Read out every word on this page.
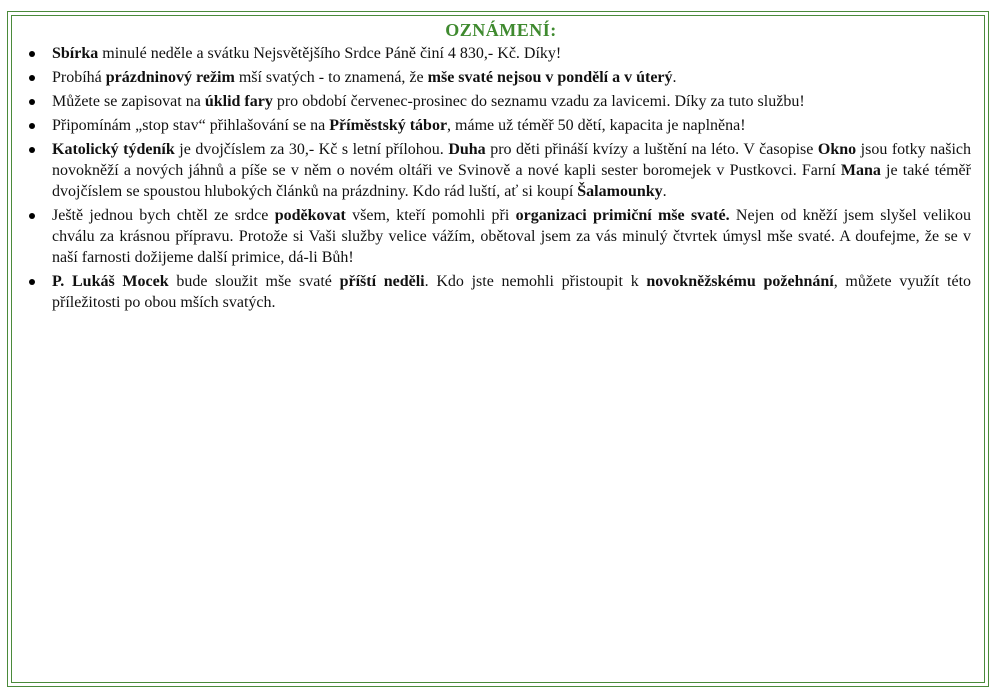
OZNÁMENÍ:
Sbírka minulé neděle a svátku Nejsvětějšího Srdce Páně činí 4 830,- Kč. Díky!
Probíhá prázdninový režim mší svatých - to znamená, že mše svaté nejsou v pondělí a v úterý.
Můžete se zapisovat na úklid fary pro období červenec-prosinec do seznamu vzadu za lavicemi. Díky za tuto službu!
Připomínám „stop stav“ přihlašování se na Příměstský tábor, máme už téměř 50 dětí, kapacita je naplněna!
Katolický týdeník je dvojčíslem za 30,- Kč s letní přílohou. Duha pro děti přináší kvízy a luštění na léto. V časopise Okno jsou fotky našich novokněží a nových jáhnů a píše se v něm o novém oltáři ve Svinově a nové kapli sester boromejek v Pustkovci. Farní Mana je také téměř dvojčíslem se spoustou hlubokých článků na prázdniny. Kdo rád luští, ať si koupí Šalamounky.
Ještě jednou bych chtěl ze srdce poděkovat všem, kteří pomohli při organizaci primiční mše svaté. Nejen od kněží jsem slyšel velikou chválu za krásnou přípravu. Protože si Vaši služby velice vážím, obětoval jsem za vás minulý čtvrtek úmysl mše svaté. A doufejme, že se v naší farnosti dožijeme další primice, dá-li Bůh!
P. Lukáš Mocek bude sloužit mše svaté příští neděli. Kdo jste nemohli přistoupit k novokněžskému požehnání, můžete využít této příležitosti po obou mších svatých.
